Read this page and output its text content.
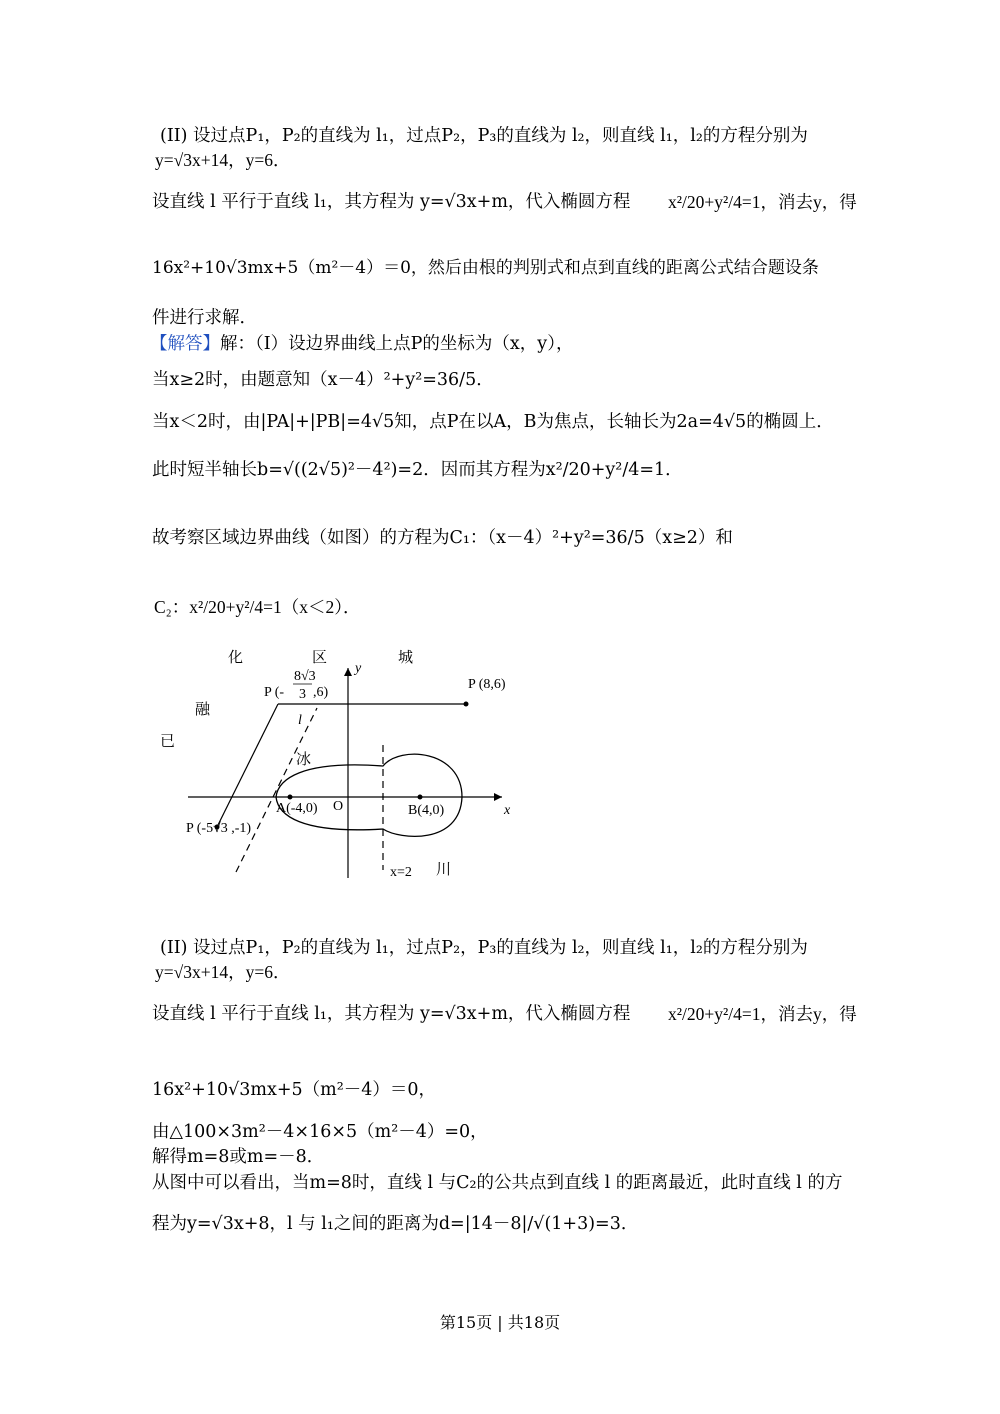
(II) 设过点P₁，P₂的直线为 l₁，过点P₂，P₃的直线为 l₂，则直线 l₁，l₂的方程分别为
y=√3x+14，y=6．
设直线 l 平行于直线 l₁，其方程为 y=√3x+m，代入椭圆方程 x²/20+y²/4=1，消去y，得
16x²+10√3mx+5（m²－4）＝0，然后由根的判别式和点到直线的距离公式结合题设条
件进行求解．
【解答】解：（I）设边界曲线上点P的坐标为（x，y），
当x≥2时，由题意知（x－4）²+y²=36/5．
当x＜2时，由|PA|+|PB|=4√5知，点P在以A，B为焦点，长轴长为2a=4√5的椭圆上．
此时短半轴长b=√((2√5)²－4²)=2．因而其方程为x²/20+y²/4=1．
故考察区域边界曲线（如图）的方程为C₁：（x－4）²+y²=36/5（x≥2）和
C₂：x²/20+y²/4=1（x＜2）．
化	区	城
融
已
冰
川
y
x
O
P (8,6)
P (-
8√3
3 ,6)
P (-5√3 ,-1)
A(-4,0)	B(4,0)
l
x=2
(II) 设过点P₁，P₂的直线为 l₁，过点P₂，P₃的直线为 l₂，则直线 l₁，l₂的方程分别为
y=√3x+14，y=6．
设直线 l 平行于直线 l₁，其方程为 y=√3x+m，代入椭圆方程 x²/20+y²/4=1，消去y，得
16x²+10√3mx+5（m²－4）＝0，
由△100×3m²－4×16×5（m²－4）=0，
解得m=8或m=－8．
从图中可以看出，当m=8时，直线 l 与C₂的公共点到直线 l 的距离最近，此时直线 l 的方
程为y=√3x+8，l 与 l₁之间的距离为d=|14－8|/√(1+3)=3．
第15页 | 共18页
